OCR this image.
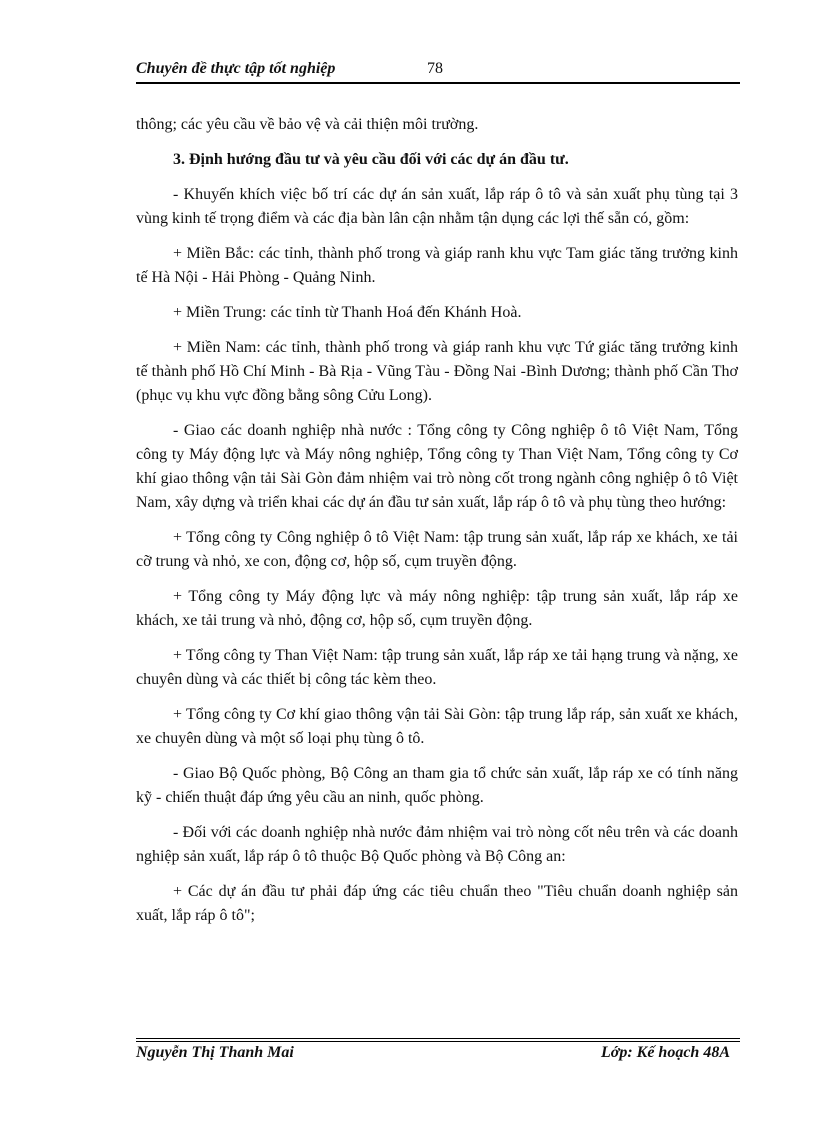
Chuyên đề thực tập tốt nghiệp	78

thông; các yêu cầu về bảo vệ và cải thiện môi trường.

3. Định hướng đầu tư và yêu cầu đối với các dự án đầu tư.

- Khuyến khích việc bố trí các dự án sản xuất, lắp ráp ô tô và sản xuất phụ tùng tại 3 vùng kinh tế trọng điểm và các địa bàn lân cận nhằm tận dụng các lợi thế sẵn có, gồm:

+ Miền Bắc: các tỉnh, thành phố trong và giáp ranh khu vực Tam giác tăng trưởng kinh tế Hà Nội - Hải Phòng - Quảng Ninh.

+ Miền Trung: các tỉnh từ Thanh Hoá đến Khánh Hoà.

+ Miền Nam: các tỉnh, thành phố trong và giáp ranh khu vực Tứ giác tăng trưởng kinh tế thành phố Hồ Chí Minh - Bà Rịa - Vũng Tàu - Đồng Nai -Bình Dương; thành phố Cần Thơ (phục vụ khu vực đồng bằng sông Cửu Long).

- Giao các doanh nghiệp nhà nước : Tổng công ty Công nghiệp ô tô Việt Nam, Tổng công ty Máy động lực và Máy nông nghiệp, Tổng công ty Than Việt Nam, Tổng công ty Cơ khí giao thông vận tải Sài Gòn đảm nhiệm vai trò nòng cốt trong ngành công nghiệp ô tô Việt Nam, xây dựng và triển khai các dự án đầu tư sản xuất, lắp ráp ô tô và phụ tùng theo hướng:

+ Tổng công ty Công nghiệp ô tô Việt Nam: tập trung sản xuất, lắp ráp xe khách, xe tải cỡ trung và nhỏ, xe con, động cơ, hộp số, cụm truyền động.

+ Tổng công ty Máy động lực và máy nông nghiệp: tập trung sản xuất, lắp ráp xe khách, xe tải trung và nhỏ, động cơ, hộp số, cụm truyền động.

+ Tổng công ty Than Việt Nam: tập trung sản xuất, lắp ráp xe tải hạng trung và nặng, xe chuyên dùng và các thiết bị công tác kèm theo.

+ Tổng công ty Cơ khí giao thông vận tải Sài Gòn: tập trung lắp ráp, sản xuất xe khách, xe chuyên dùng và một số loại phụ tùng ô tô.

- Giao Bộ Quốc phòng, Bộ Công an tham gia tổ chức sản xuất, lắp ráp xe có tính năng kỹ - chiến thuật đáp ứng yêu cầu an ninh, quốc phòng.

- Đối với các doanh nghiệp nhà nước đảm nhiệm vai trò nòng cốt nêu trên và các doanh nghiệp sản xuất, lắp ráp ô tô thuộc Bộ Quốc phòng và Bộ Công an:

+ Các dự án đầu tư phải đáp ứng các tiêu chuẩn theo "Tiêu chuẩn doanh nghiệp sản xuất, lắp ráp ô tô";

Nguyễn Thị Thanh Mai	Lớp: Kế hoạch 48A
